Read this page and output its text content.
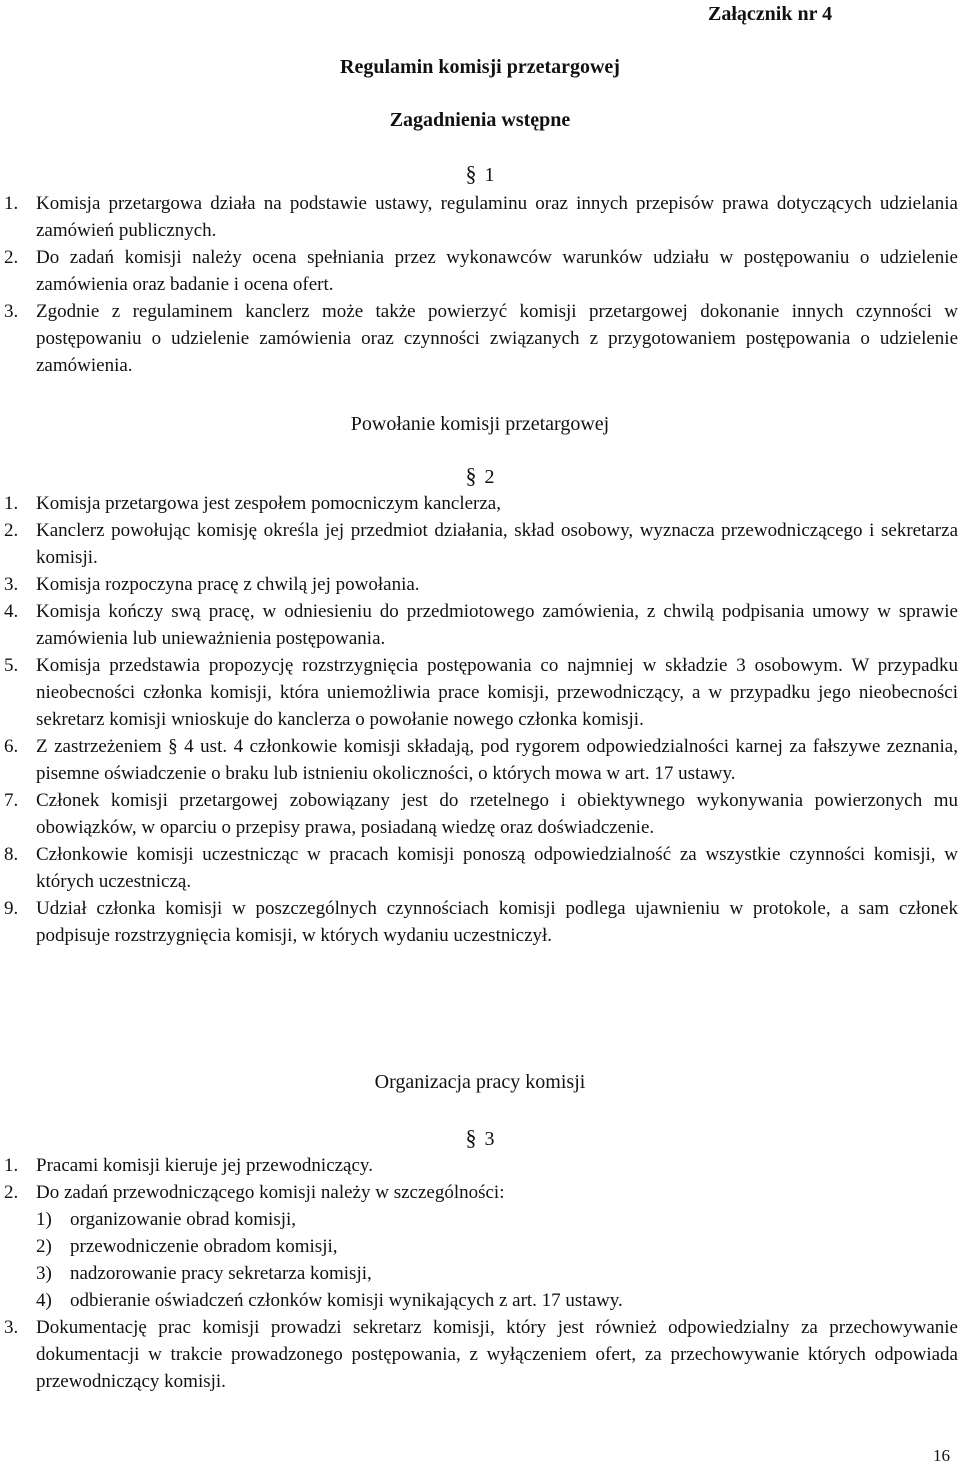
Załącznik nr 4
Regulamin komisji przetargowej
Zagadnienia wstępne
§ 1
1. Komisja przetargowa działa na podstawie ustawy, regulaminu oraz innych przepisów prawa dotyczących udzielania zamówień publicznych.
2. Do zadań komisji należy ocena spełniania przez wykonawców warunków udziału w postępowaniu o udzielenie zamówienia oraz badanie i ocena ofert.
3. Zgodnie z regulaminem kanclerz może także powierzyć komisji przetargowej dokonanie innych czynności w postępowaniu o udzielenie zamówienia oraz czynności związanych z przygotowaniem postępowania o udzielenie zamówienia.
Powołanie komisji przetargowej
§ 2
1. Komisja przetargowa jest zespołem pomocniczym kanclerza,
2. Kanclerz powołując komisję określa jej przedmiot działania, skład osobowy, wyznacza przewodniczącego i sekretarza komisji.
3. Komisja rozpoczyna pracę z chwilą jej powołania.
4. Komisja kończy swą pracę, w odniesieniu do przedmiotowego zamówienia, z chwilą podpisania umowy w sprawie zamówienia lub unieważnienia postępowania.
5. Komisja przedstawia propozycję rozstrzygnięcia postępowania co najmniej w składzie 3 osobowym. W przypadku nieobecności członka komisji, która uniemożliwia prace komisji, przewodniczący, a w przypadku jego nieobecności sekretarz komisji wnioskuje do kanclerza o powołanie nowego członka komisji.
6. Z zastrzeżeniem § 4 ust. 4 członkowie komisji składają, pod rygorem odpowiedzialności karnej za fałszywe zeznania, pisemne oświadczenie o braku lub istnieniu okoliczności, o których mowa w art. 17 ustawy.
7. Członek komisji przetargowej zobowiązany jest do rzetelnego i obiektywnego wykonywania powierzonych mu obowiązków, w oparciu o przepisy prawa, posiadaną wiedzę oraz doświadczenie.
8. Członkowie komisji uczestnicząc w pracach komisji ponoszą odpowiedzialność za wszystkie czynności komisji, w których uczestniczą.
9. Udział członka komisji w poszczególnych czynnościach komisji podlega ujawnieniu w protokole, a sam członek podpisuje rozstrzygnięcia komisji, w których wydaniu uczestniczył.
Organizacja pracy komisji
§ 3
1. Pracami komisji kieruje jej przewodniczący.
2. Do zadań przewodniczącego komisji należy w szczególności:
1) organizowanie obrad komisji,
2) przewodniczenie obradom komisji,
3) nadzorowanie pracy sekretarza komisji,
4) odbieranie oświadczeń członków komisji wynikających z art. 17 ustawy.
3. Dokumentację prac komisji prowadzi sekretarz komisji, który jest również odpowiedzialny za przechowywanie dokumentacji w trakcie prowadzonego postępowania, z wyłączeniem ofert, za przechowywanie których odpowiada przewodniczący komisji.
16
